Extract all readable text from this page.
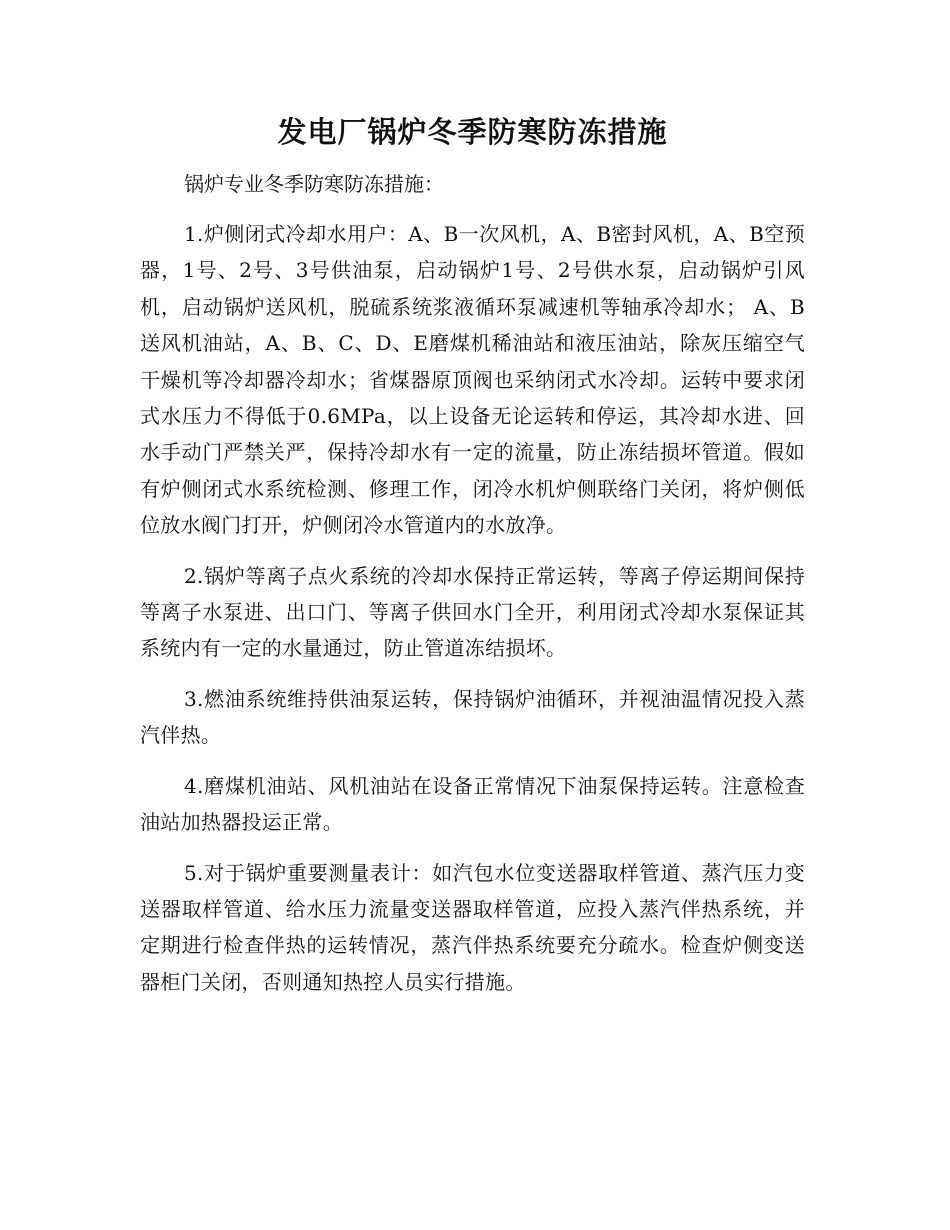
发电厂锅炉冬季防寒防冻措施

锅炉专业冬季防寒防冻措施：

1.炉侧闭式冷却水用户：A、B一次风机，A、B密封风机，A、B空预器，1号、2号、3号供油泵，启动锅炉1号、2号供水泵，启动锅炉引风机，启动锅炉送风机，脱硫系统浆液循环泵减速机等轴承冷却水； A、B送风机油站，A、B、C、D、E磨煤机稀油站和液压油站，除灰压缩空气干燥机等冷却器冷却水；省煤器原顶阀也采纳闭式水冷却。运转中要求闭式水压力不得低于0.6MPa，以上设备无论运转和停运，其冷却水进、回水手动门严禁关严，保持冷却水有一定的流量，防止冻结损坏管道。假如有炉侧闭式水系统检测、修理工作，闭冷水机炉侧联络门关闭，将炉侧低位放水阀门打开，炉侧闭冷水管道内的水放净。

2.锅炉等离子点火系统的冷却水保持正常运转，等离子停运期间保持等离子水泵进、出口门、等离子供回水门全开，利用闭式冷却水泵保证其系统内有一定的水量通过，防止管道冻结损坏。

3.燃油系统维持供油泵运转，保持锅炉油循环，并视油温情况投入蒸汽伴热。

4.磨煤机油站、风机油站在设备正常情况下油泵保持运转。注意检查油站加热器投运正常。

5.对于锅炉重要测量表计：如汽包水位变送器取样管道、蒸汽压力变送器取样管道、给水压力流量变送器取样管道，应投入蒸汽伴热系统，并定期进行检查伴热的运转情况，蒸汽伴热系统要充分疏水。检查炉侧变送器柜门关闭，否则通知热控人员实行措施。
